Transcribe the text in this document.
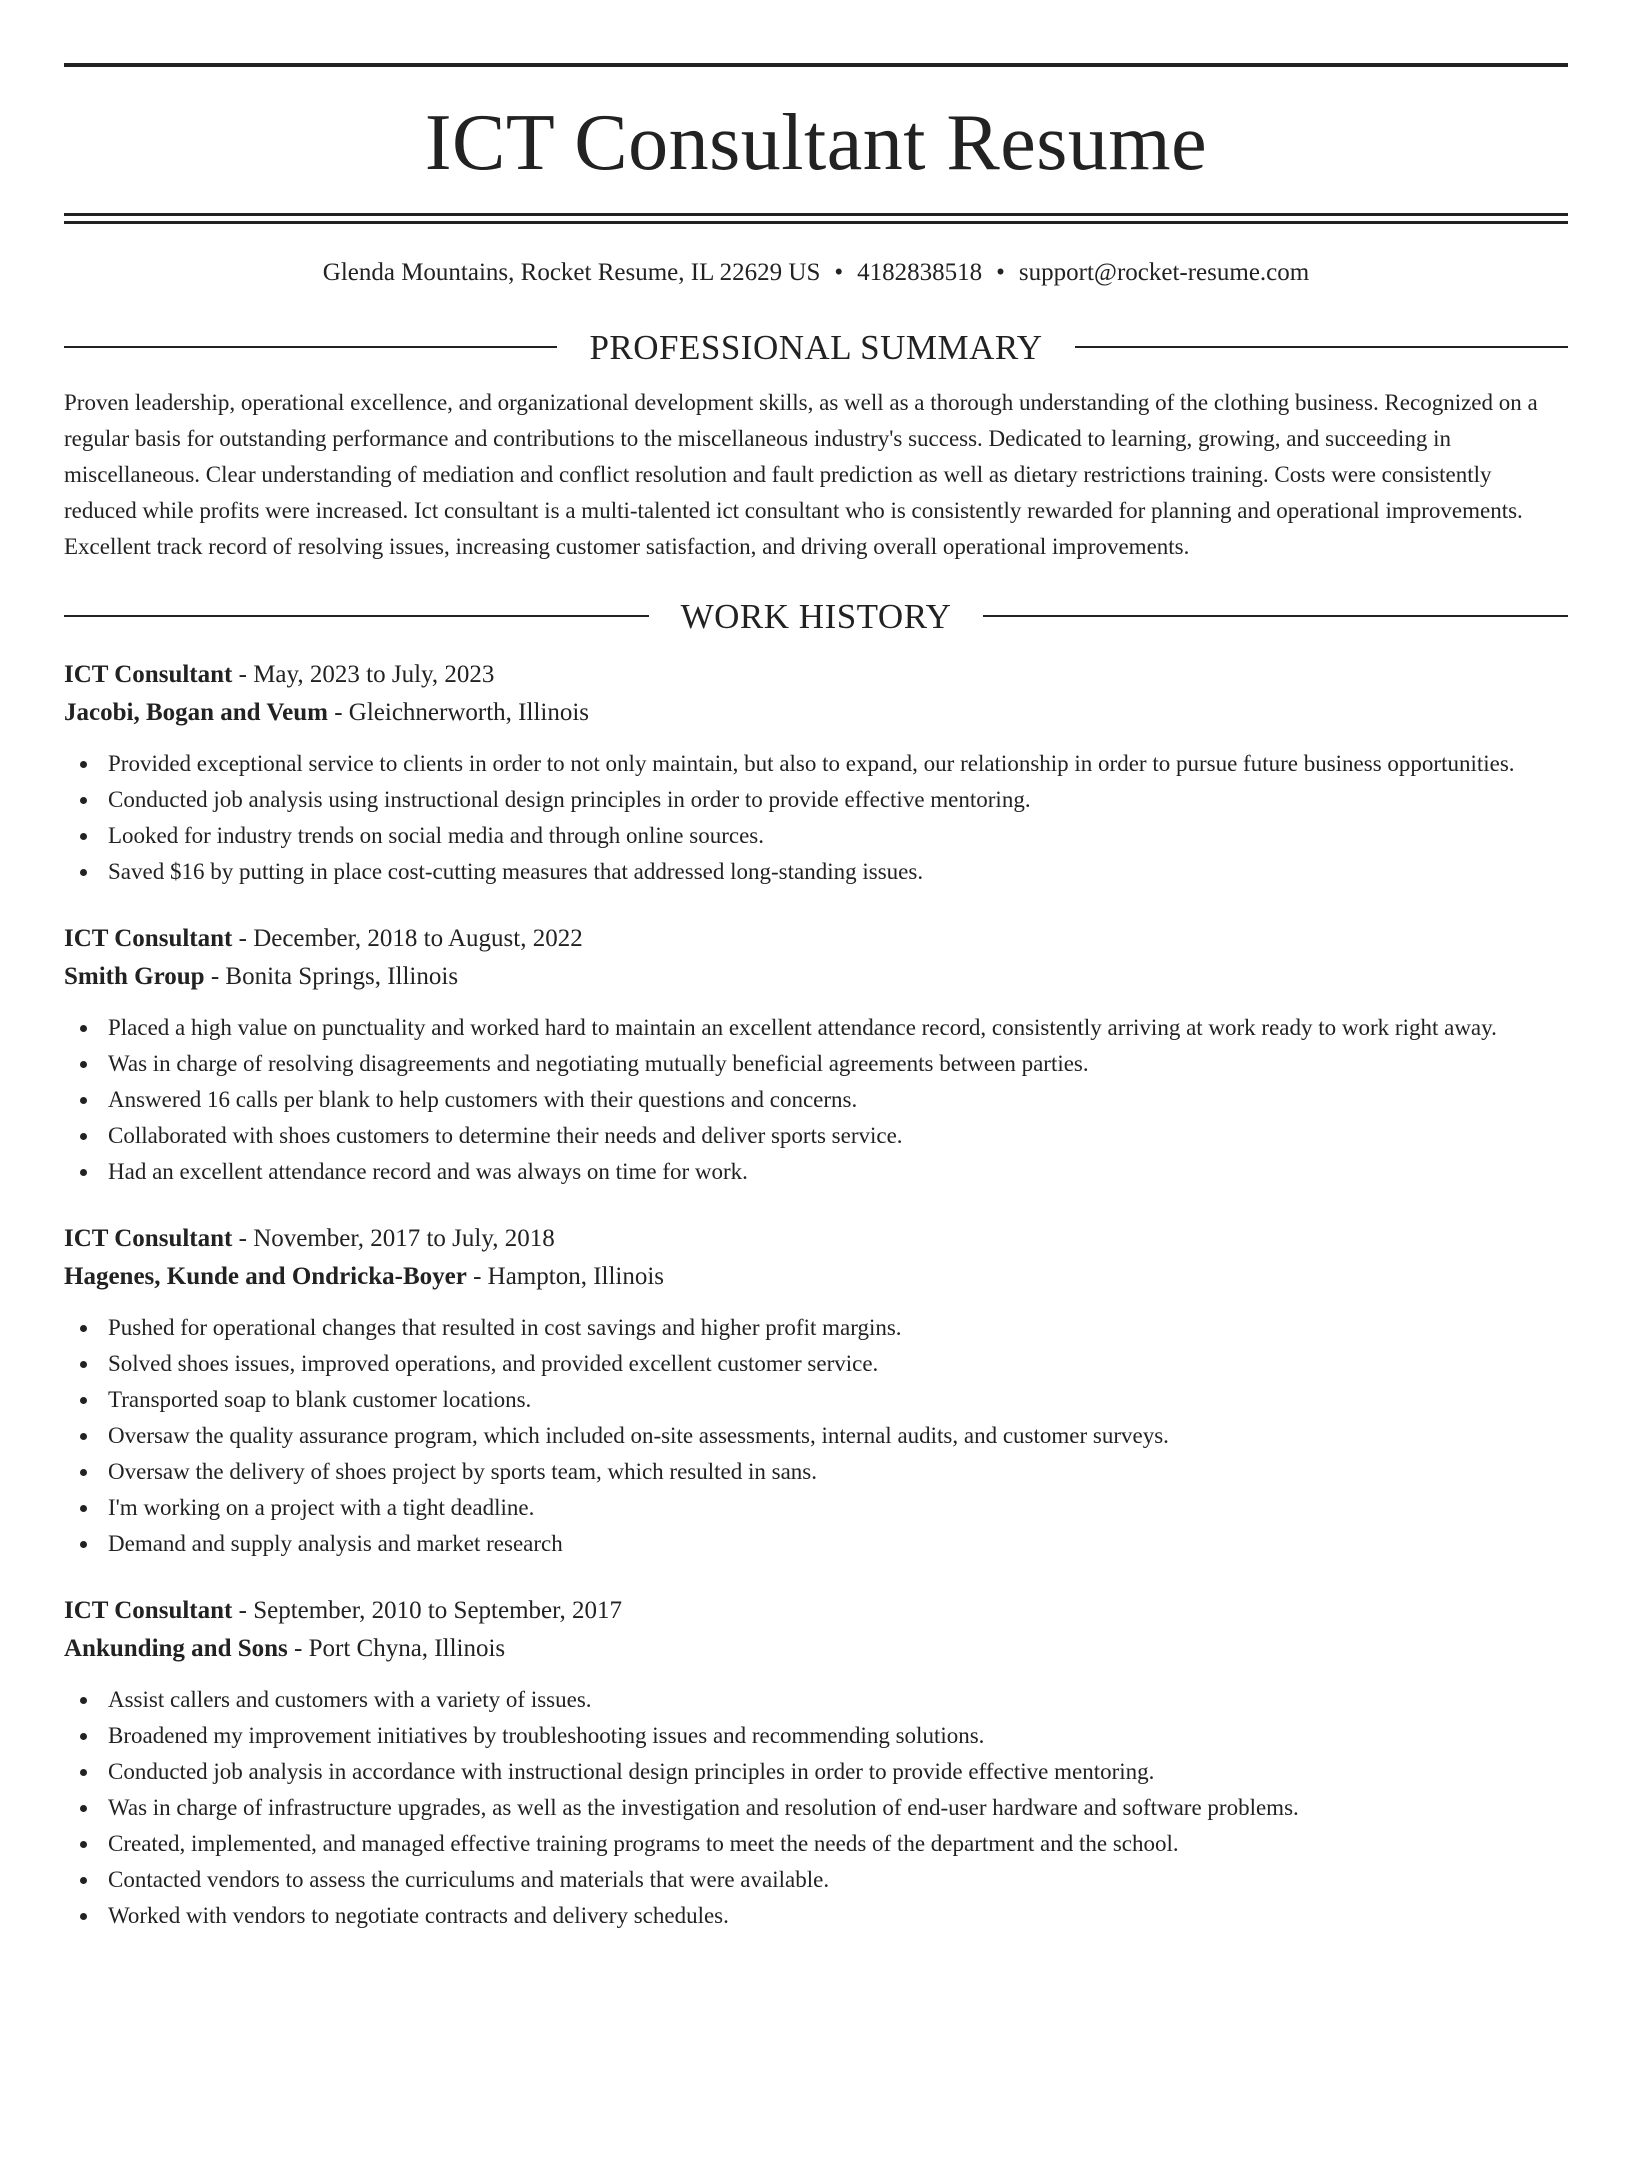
ICT Consultant Resume
Glenda Mountains, Rocket Resume, IL 22629 US • 4182838518 • support@rocket-resume.com
PROFESSIONAL SUMMARY

Proven leadership, operational excellence, and organizational development skills, as well as a thorough understanding of the clothing business. Recognized on a regular basis for outstanding performance and contributions to the miscellaneous industry's success. Dedicated to learning, growing, and succeeding in miscellaneous. Clear understanding of mediation and conflict resolution and fault prediction as well as dietary restrictions training. Costs were consistently reduced while profits were increased. Ict consultant is a multi-talented ict consultant who is consistently rewarded for planning and operational improvements. Excellent track record of resolving issues, increasing customer satisfaction, and driving overall operational improvements.

WORK HISTORY
ICT Consultant - May, 2023 to July, 2023
Jacobi, Bogan and Veum - Gleichnerworth, Illinois
Provided exceptional service to clients in order to not only maintain, but also to expand, our relationship in order to pursue future business opportunities.
Conducted job analysis using instructional design principles in order to provide effective mentoring.
Looked for industry trends on social media and through online sources.
Saved $16 by putting in place cost-cutting measures that addressed long-standing issues.
ICT Consultant - December, 2018 to August, 2022
Smith Group - Bonita Springs, Illinois
Placed a high value on punctuality and worked hard to maintain an excellent attendance record, consistently arriving at work ready to work right away.
Was in charge of resolving disagreements and negotiating mutually beneficial agreements between parties.
Answered 16 calls per blank to help customers with their questions and concerns.
Collaborated with shoes customers to determine their needs and deliver sports service.
Had an excellent attendance record and was always on time for work.
ICT Consultant - November, 2017 to July, 2018
Hagenes, Kunde and Ondricka-Boyer - Hampton, Illinois
Pushed for operational changes that resulted in cost savings and higher profit margins.
Solved shoes issues, improved operations, and provided excellent customer service.
Transported soap to blank customer locations.
Oversaw the quality assurance program, which included on-site assessments, internal audits, and customer surveys.
Oversaw the delivery of shoes project by sports team, which resulted in sans.
I'm working on a project with a tight deadline.
Demand and supply analysis and market research
ICT Consultant - September, 2010 to September, 2017
Ankunding and Sons - Port Chyna, Illinois
Assist callers and customers with a variety of issues.
Broadened my improvement initiatives by troubleshooting issues and recommending solutions.
Conducted job analysis in accordance with instructional design principles in order to provide effective mentoring.
Was in charge of infrastructure upgrades, as well as the investigation and resolution of end-user hardware and software problems.
Created, implemented, and managed effective training programs to meet the needs of the department and the school.
Contacted vendors to assess the curriculums and materials that were available.
Worked with vendors to negotiate contracts and delivery schedules.
